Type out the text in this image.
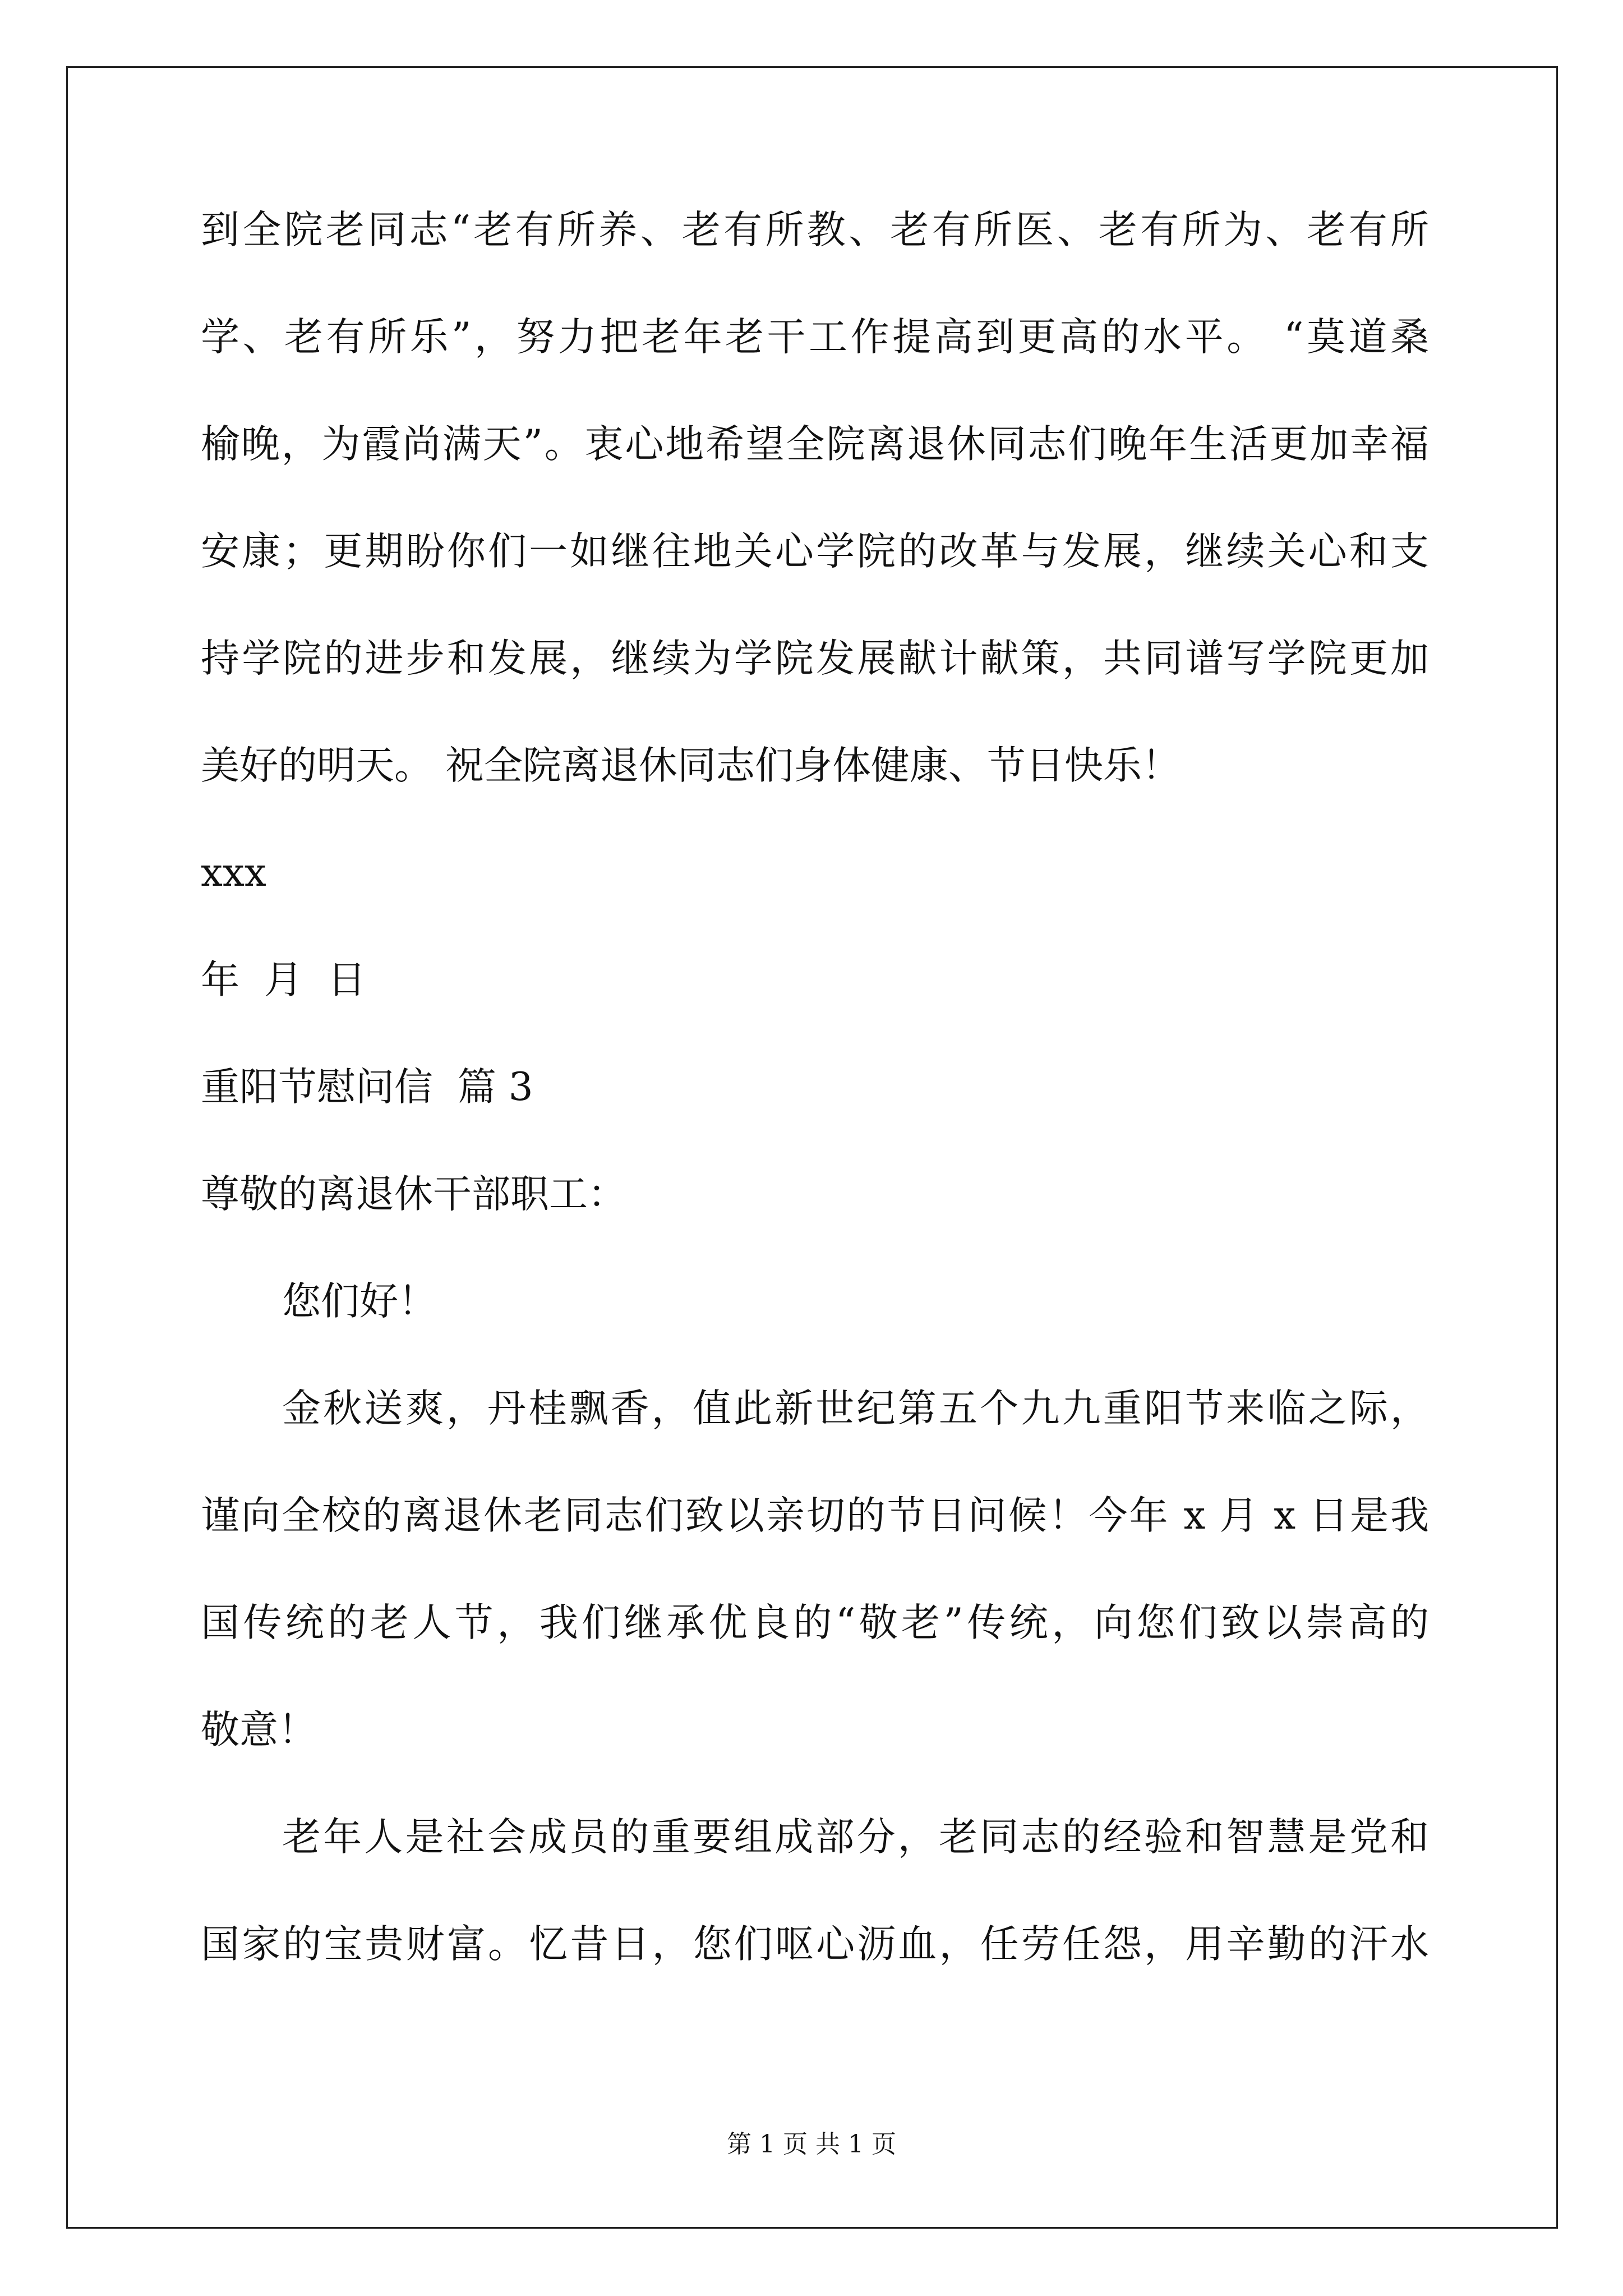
到全院老同志“老有所养、老有所教、老有所医、老有所为、老有所
学、老有所乐”，努力把老年老干工作提高到更高的水平。 “莫道桑
榆晚，为霞尚满天”。衷心地希望全院离退休同志们晚年生活更加幸福
安康；更期盼你们一如继往地关心学院的改革与发展，继续关心和支
持学院的进步和发展，继续为学院发展献计献策，共同谱写学院更加
美好的明天。 祝全院离退休同志们身体健康、节日快乐！
xxx
年  月  日
重阳节慰问信  篇 3
尊敬的离退休干部职工：
您们好！
金秋送爽，丹桂飘香，值此新世纪第五个九九重阳节来临之际，
谨向全校的离退休老同志们致以亲切的节日问候！今年 x 月 x 日是我
国传统的老人节，我们继承优良的“敬老”传统，向您们致以崇高的
敬意！
老年人是社会成员的重要组成部分，老同志的经验和智慧是党和
国家的宝贵财富。忆昔日，您们呕心沥血，任劳任怨，用辛勤的汗水
第 1 页 共 1 页
